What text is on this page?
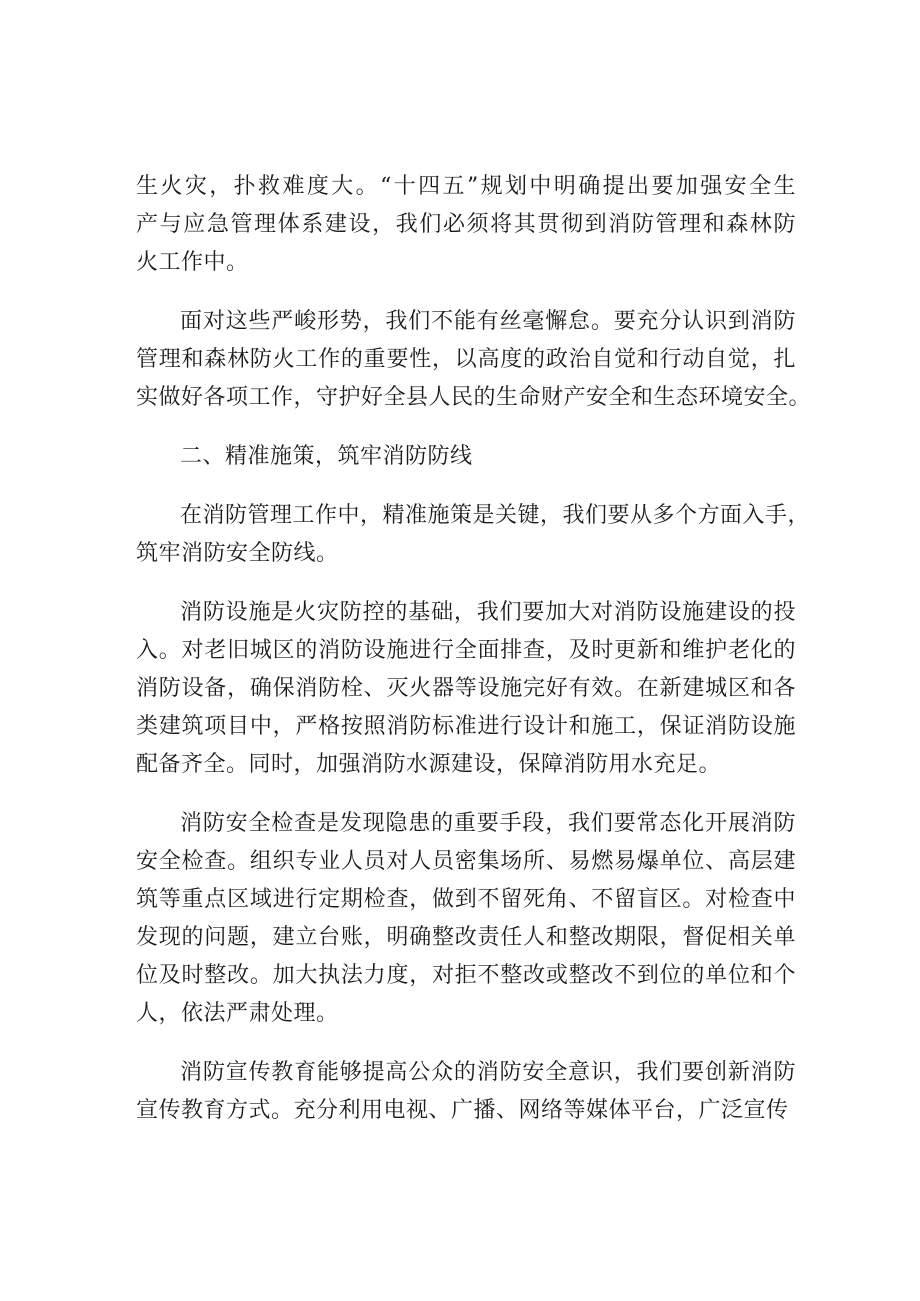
生火灾，扑救难度大。“十四五”规划中明确提出要加强安全生
产与应急管理体系建设，我们必须将其贯彻到消防管理和森林防
火工作中。
面对这些严峻形势，我们不能有丝毫懈怠。要充分认识到消防
管理和森林防火工作的重要性，以高度的政治自觉和行动自觉，扎
实做好各项工作，守护好全县人民的生命财产安全和生态环境安全。
二、精准施策，筑牢消防防线
在消防管理工作中，精准施策是关键，我们要从多个方面入手，
筑牢消防安全防线。
消防设施是火灾防控的基础，我们要加大对消防设施建设的投
入。对老旧城区的消防设施进行全面排查，及时更新和维护老化的
消防设备，确保消防栓、灭火器等设施完好有效。在新建城区和各
类建筑项目中，严格按照消防标准进行设计和施工，保证消防设施
配备齐全。同时，加强消防水源建设，保障消防用水充足。
消防安全检查是发现隐患的重要手段，我们要常态化开展消防
安全检查。组织专业人员对人员密集场所、易燃易爆单位、高层建
筑等重点区域进行定期检查，做到不留死角、不留盲区。对检查中
发现的问题，建立台账，明确整改责任人和整改期限，督促相关单
位及时整改。加大执法力度，对拒不整改或整改不到位的单位和个
人，依法严肃处理。
消防宣传教育能够提高公众的消防安全意识，我们要创新消防
宣传教育方式。充分利用电视、广播、网络等媒体平台，广泛宣传
